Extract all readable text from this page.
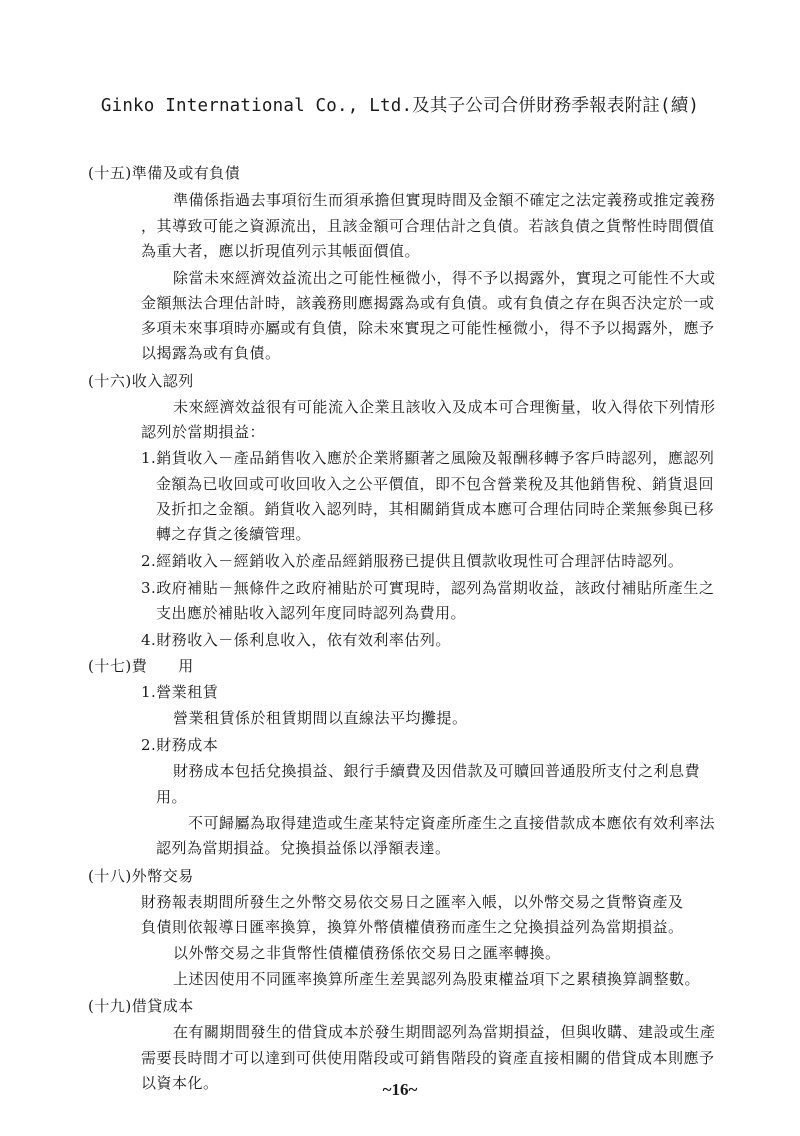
Ginko International Co., Ltd.及其子公司合併財務季報表附註(續)
(十五)準備及或有負債
準備係指過去事項衍生而須承擔但實現時間及金額不確定之法定義務或推定義務
，其導致可能之資源流出，且該金額可合理估計之負債。若該負債之貨幣性時間價值
為重大者，應以折現值列示其帳面價值。
除當未來經濟效益流出之可能性極微小，得不予以揭露外，實現之可能性不大或
金額無法合理估計時，該義務則應揭露為或有負債。或有負債之存在與否決定於一或
多項未來事項時亦屬或有負債，除未來實現之可能性極微小，得不予以揭露外，應予
以揭露為或有負債。
(十六)收入認列
未來經濟效益很有可能流入企業且該收入及成本可合理衡量，收入得依下列情形
認列於當期損益：
1.銷貨收入－產品銷售收入應於企業將顯著之風險及報酬移轉予客戶時認列，應認列
金額為已收回或可收回收入之公平價值，即不包含營業稅及其他銷售稅、銷貨退回
及折扣之金額。銷貨收入認列時，其相關銷貨成本應可合理估同時企業無參與已移
轉之存貨之後續管理。
2.經銷收入－經銷收入於產品經銷服務已提供且價款收現性可合理評估時認列。
3.政府補貼－無條件之政府補貼於可實現時，認列為當期收益，該政付補貼所產生之
支出應於補貼收入認列年度同時認列為費用。
4.財務收入－係利息收入，依有效利率估列。
(十七)費　　用
1.營業租賃
營業租賃係於租賃期間以直線法平均攤提。
2.財務成本
財務成本包括兌換損益、銀行手續費及因借款及可贖回普通股所支付之利息費
用。
不可歸屬為取得建造或生產某特定資產所產生之直接借款成本應依有效利率法
認列為當期損益。兌換損益係以淨額表達。
(十八)外幣交易
財務報表期間所發生之外幣交易依交易日之匯率入帳，以外幣交易之貨幣資產及
負債則依報導日匯率換算，換算外幣債權債務而產生之兌換損益列為當期損益。
以外幣交易之非貨幣性債權債務係依交易日之匯率轉換。
上述因使用不同匯率換算所產生差異認列為股東權益項下之累積換算調整數。
(十九)借貸成本
在有關期間發生的借貸成本於發生期間認列為當期損益，但與收購、建設或生產
需要長時間才可以達到可供使用階段或可銷售階段的資產直接相關的借貸成本則應予
以資本化。	~16~
